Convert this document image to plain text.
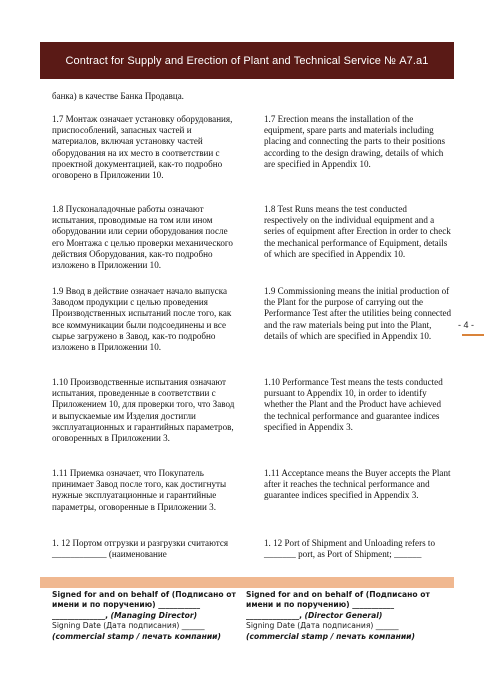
Contract for Supply and Erection of Plant and Technical Service № А7.а1
банка) в качестве Банка Продавца.
1.7 Монтаж означает установку оборудования, приспособлений, запасных частей и материалов, включая установку частей оборудования на их место в соответствии с проектной документацией, как-то подробно оговорено в Приложении 10.
1.7 Erection means the installation of the equipment, spare parts and materials including placing and connecting the parts to their positions according to the design drawing, details of which are specified in Appendix 10.
1.8 Пусконаладочные работы означают испытания, проводимые на том или ином оборудовании или серии оборудования после его Монтажа с целью проверки механического действия Оборудования, как-то подробно изложено в Приложении 10.
1.8 Test Runs means the test conducted respectively on the individual equipment and a series of equipment after Erection in order to check the mechanical performance of Equipment, details of which are specified in Appendix 10.
1.9 Ввод в действие означает начало выпуска Заводом продукции с целью проведения Производственных испытаний после того, как все коммуникации были подсоединены и все сырье загружено в Завод, как-то подробно изложено в Приложении 10.
1.9 Commissioning means the initial production of the Plant for the purpose of carrying out the Performance Test after the utilities being connected and the raw materials being put into the Plant, details of which are specified in Appendix 10.
1.10 Производственные испытания означают испытания, проведенные в соответствии с Приложением 10, для проверки того, что Завод и выпускаемые им Изделия достигли эксплуатационных и гарантийных параметров, оговоренных в Приложении 3.
1.10 Performance Test means the tests conducted pursuant to Appendix 10, in order to identify whether the Plant and the Product have achieved the technical performance and guarantee indices specified in Appendix 3.
1.11 Приемка означает, что Покупатель принимает Завод после того, как достигнуты нужные эксплуатационные и гарантийные параметры, оговоренные в Приложении 3.
1.11 Acceptance means the Buyer accepts the Plant after it reaches the technical performance and guarantee indices specified in Appendix 3.
1. 12 Портом отгрузки и разгрузки считаются ____________ (наименование
1. 12 Port of Shipment and Unloading refers to _______ port, as Port of Shipment; ______
- 4 -
Signed for and on behalf of (Подписано от
имени и по поручению) ___________
______________, (Managing Director)
Signing Date (Дата подписания) ______
(commercial stamp / печать компании)
Signed for and on behalf of (Подписано от
имени и по поручению) ___________
______________, (Director General)
Signing Date (Дата подписания) ______
(commercial stamp / печать компании)
